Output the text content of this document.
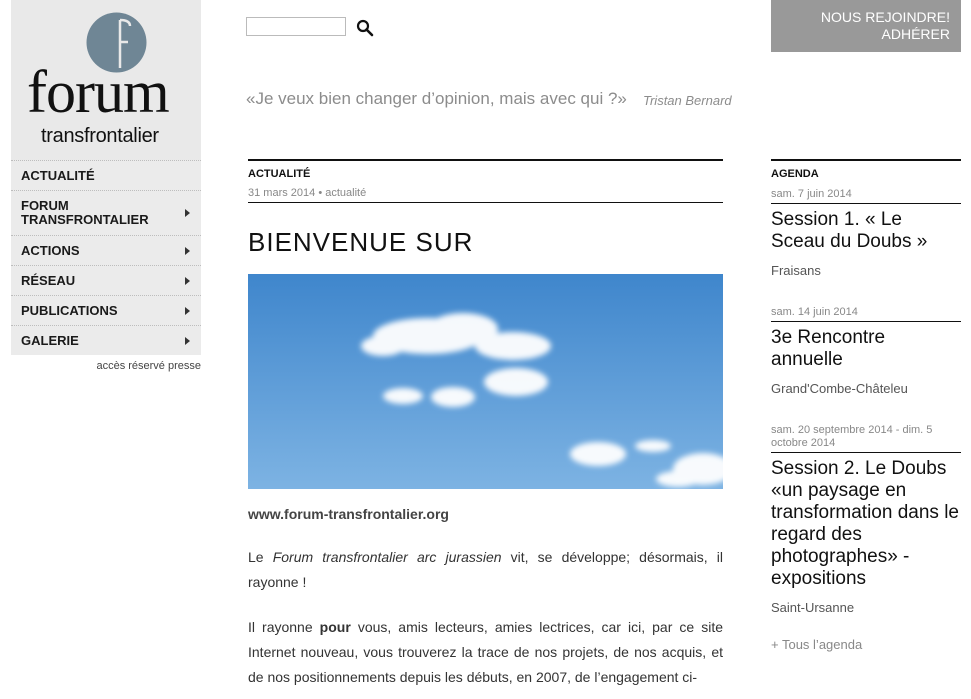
forum
transfrontalier
ACTUALITÉ
FORUM TRANSFRONTALIER
ACTIONS
RÉSEAU
PUBLICATIONS
GALERIE
accès réservé presse
NOUS REJOINDRE!
ADHÉRER
«Je veux bien changer d’opinion, mais avec qui ?» Tristan Bernard
ACTUALITÉ
31 mars 2014 • actualité
BIENVENUE SUR
www.forum-transfrontalier.org

Le Forum transfrontalier arc jurassien vit, se développe; désormais, il rayonne !

Il rayonne pour vous, amis lecteurs, amies lectrices, car ici, par ce site Internet nouveau, vous trouverez la trace de nos projets, de nos acquis, et de nos positionnements depuis les débuts, en 2007, de l’engagement ci-

AGENDA
sam. 7 juin 2014
Session 1. « Le Sceau du Doubs »
Fraisans
sam. 14 juin 2014
3e Rencontre annuelle
Grand'Combe-Châteleu
sam. 20 septembre 2014 - dim. 5 octobre 2014
Session 2. Le Doubs «un paysage en transformation dans le regard des photographes» - expositions
Saint-Ursanne
+ Tous l’agenda
